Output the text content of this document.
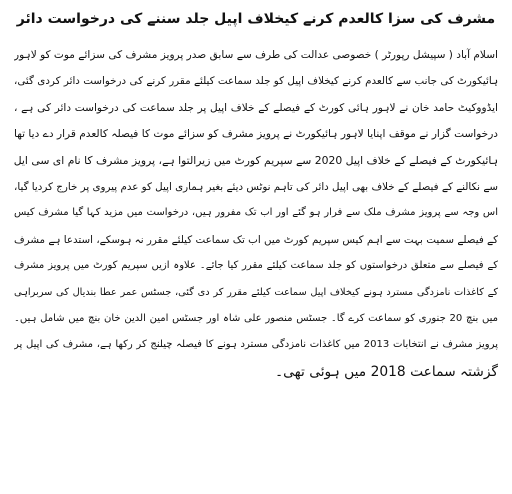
مشرف کی سزا کالعدم کرنے کیخلاف اپیل جلد سننے کی درخواست دائر
اسلام آباد ( سپیشل رپورٹر ) خصوصی عدالت کی طرف سے سابق صدر پرویز مشرف کی سزائے موت کو لاہور
ہائیکورٹ کی جانب سے کالعدم کرنے کیخلاف اپیل کو جلد سماعت کیلئے مقرر کرنے کی درخواست دائر کردی گئی،
ایڈووکیٹ حامد خان نے لاہور ہائی کورٹ کے فیصلے کے خلاف اپیل پر جلد سماعت کی درخواست دائر کی ہے ،
درخواست گزار نے موقف اپنایا لاہور ہائیکورٹ نے پرویز مشرف کو سزائے موت کا فیصلہ کالعدم قرار دے دیا تھا
ہائیکورٹ کے فیصلے کے خلاف اپیل 2020 سے سپریم کورٹ میں زیرالتوا ہے، پرویز مشرف کا نام ای سی ایل
سے نکالنے کے فیصلے کے خلاف بھی اپیل دائر کی تاہم نوٹس دیئے بغیر ہماری اپیل کو عدم پیروی پر خارج کردیا گیا،
اس وجہ سے پرویز مشرف ملک سے فرار ہو گئے اور اب تک مفرور ہیں، درخواست میں مزید کہا گیا مشرف کیس
کے فیصلے سمیت بہت سے اہم کیس سپریم کورٹ میں اب تک سماعت کیلئے مقرر نہ ہوسکے، استدعا ہے مشرف
کے فیصلے سے متعلق درخواستوں کو جلد سماعت کیلئے مقرر کیا جائے۔ علاوہ ازیں سپریم کورٹ میں پرویز مشرف
کے کاغذات نامزدگی مسترد ہونے کیخلاف اپیل سماعت کیلئے مقرر کر دی گئی، جسٹس عمر عطا بندیال کی سربراہی
میں بنچ 20 جنوری کو سماعت کرے گا۔ جسٹس منصور علی شاہ اور جسٹس امین الدین خان بنچ میں شامل ہیں۔
پرویز مشرف نے انتخابات 2013 میں کاغذات نامزدگی مسترد ہونے کا فیصلہ چیلنج کر رکھا ہے، مشرف کی اپیل پر
گزشتہ سماعت 2018 میں ہوئی تھی۔
